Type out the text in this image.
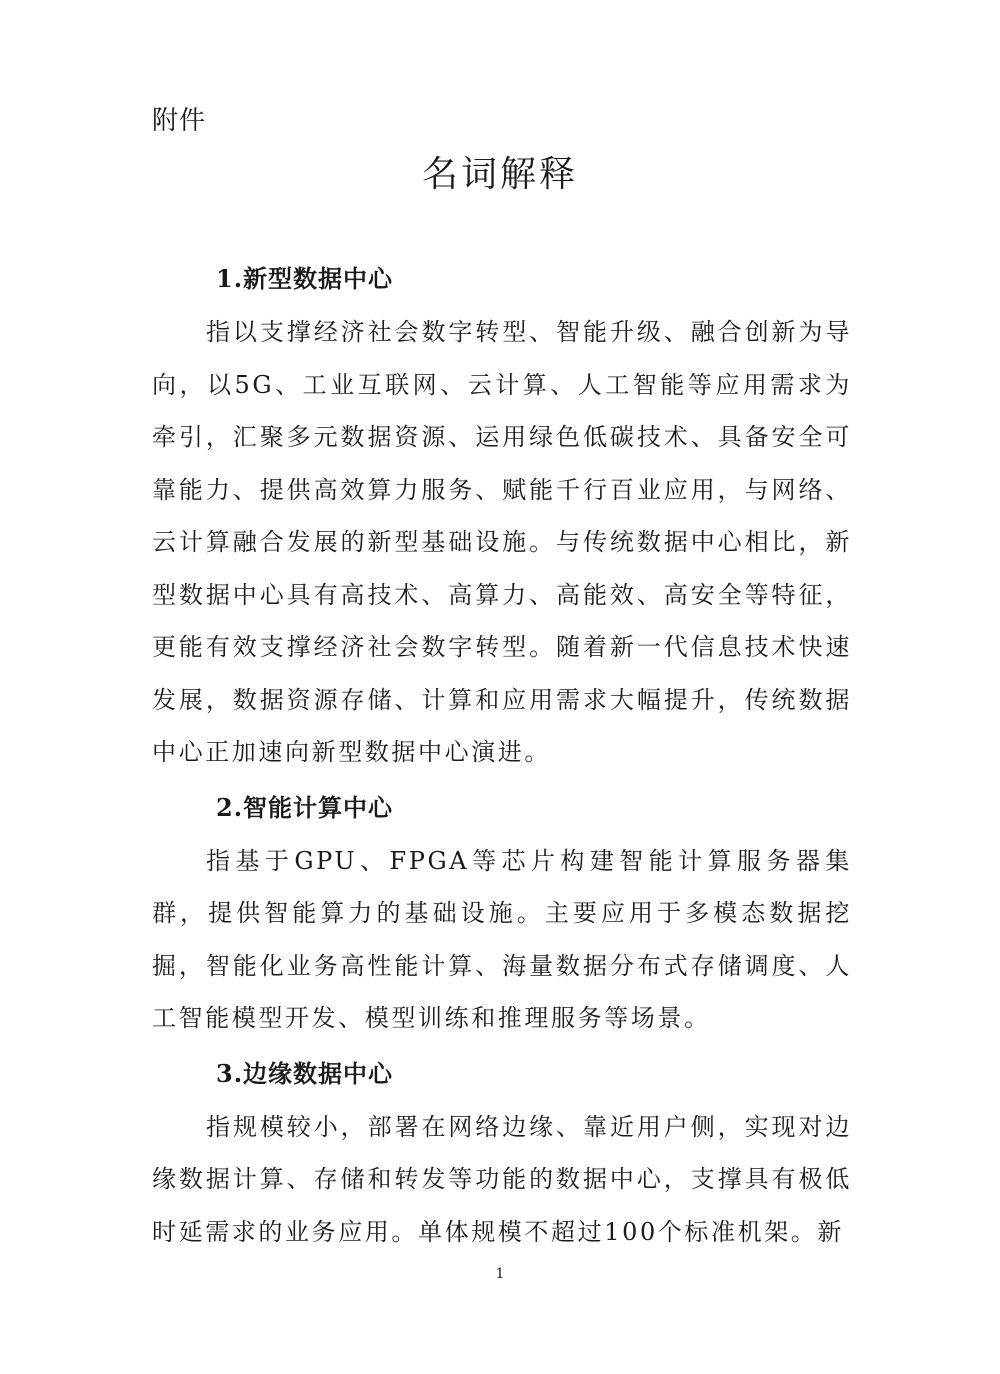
附件

名词解释
1.新型数据中心

指以支撑经济社会数字转型、智能升级、融合创新为导向，以5G、工业互联网、云计算、人工智能等应用需求为牵引，汇聚多元数据资源、运用绿色低碳技术、具备安全可靠能力、提供高效算力服务、赋能千行百业应用，与网络、云计算融合发展的新型基础设施。与传统数据中心相比，新型数据中心具有高技术、高算力、高能效、高安全等特征，更能有效支撑经济社会数字转型。随着新一代信息技术快速发展，数据资源存储、计算和应用需求大幅提升，传统数据中心正加速向新型数据中心演进。

2.智能计算中心

指基于GPU、FPGA等芯片构建智能计算服务器集群，提供智能算力的基础设施。主要应用于多模态数据挖掘，智能化业务高性能计算、海量数据分布式存储调度、人工智能模型开发、模型训练和推理服务等场景。

3.边缘数据中心

指规模较小，部署在网络边缘、靠近用户侧，实现对边缘数据计算、存储和转发等功能的数据中心，支撑具有极低时延需求的业务应用。单体规模不超过100个标准机架。新

1
